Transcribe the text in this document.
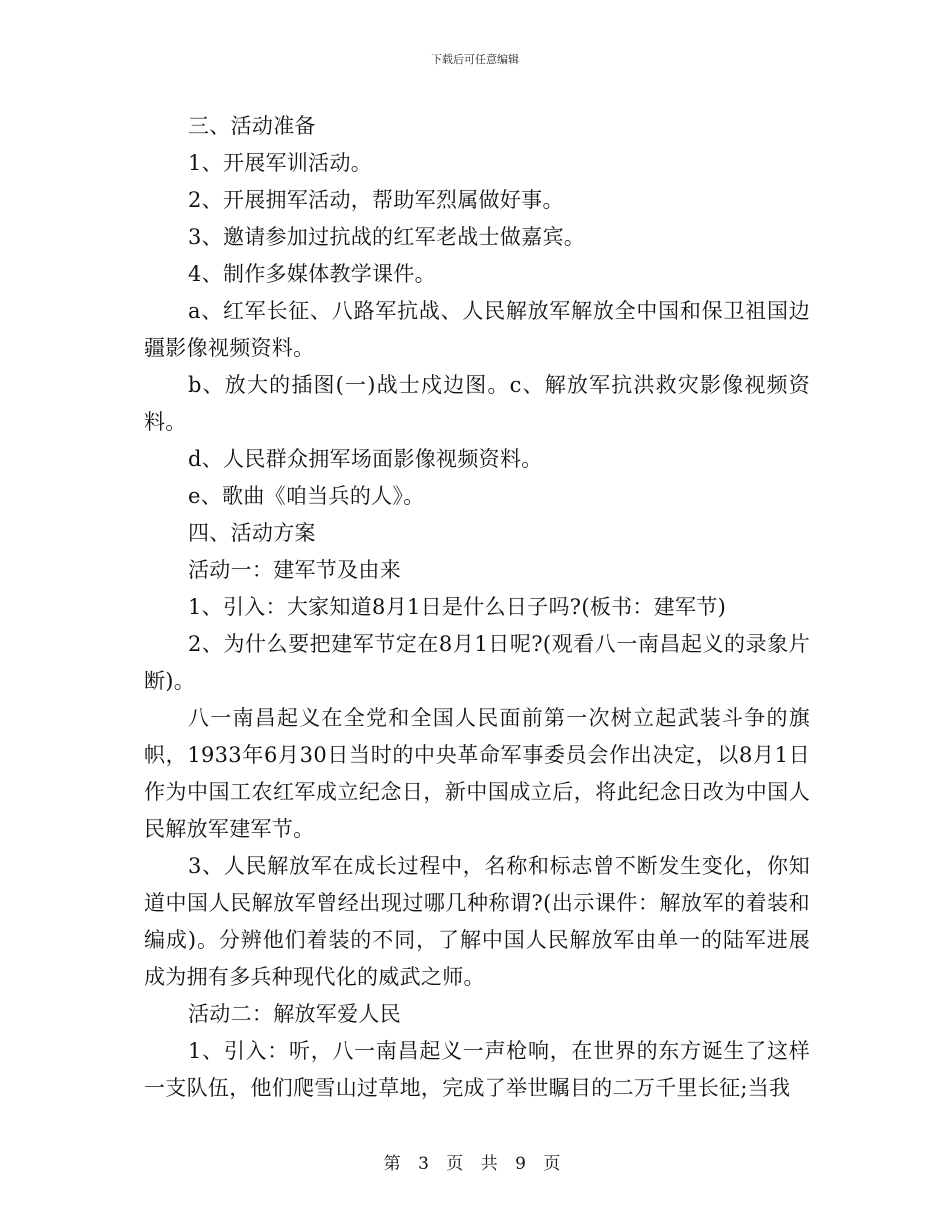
下载后可任意编辑

三、活动准备

1、开展军训活动。

2、开展拥军活动，帮助军烈属做好事。

3、邀请参加过抗战的红军老战士做嘉宾。

4、制作多媒体教学课件。

a、红军长征、八路军抗战、人民解放军解放全中国和保卫祖国边疆影像视频资料。

b、放大的插图(一)战士戍边图。c、解放军抗洪救灾影像视频资料。

d、人民群众拥军场面影像视频资料。

e、歌曲《咱当兵的人》。

四、活动方案

活动一：建军节及由来

1、引入：大家知道8月1日是什么日子吗?(板书：建军节)

2、为什么要把建军节定在8月1日呢?(观看八一南昌起义的录象片断)。

八一南昌起义在全党和全国人民面前第一次树立起武装斗争的旗帜，1933年6月30日当时的中央革命军事委员会作出决定，以8月1日作为中国工农红军成立纪念日，新中国成立后，将此纪念日改为中国人民解放军建军节。

3、人民解放军在成长过程中，名称和标志曾不断发生变化，你知道中国人民解放军曾经出现过哪几种称谓?(出示课件：解放军的着装和编成)。分辨他们着装的不同，了解中国人民解放军由单一的陆军进展成为拥有多兵种现代化的威武之师。

活动二：解放军爱人民

1、引入：听，八一南昌起义一声枪响，在世界的东方诞生了这样一支队伍，他们爬雪山过草地，完成了举世瞩目的二万千里长征;当我

第 3 页 共 9 页
